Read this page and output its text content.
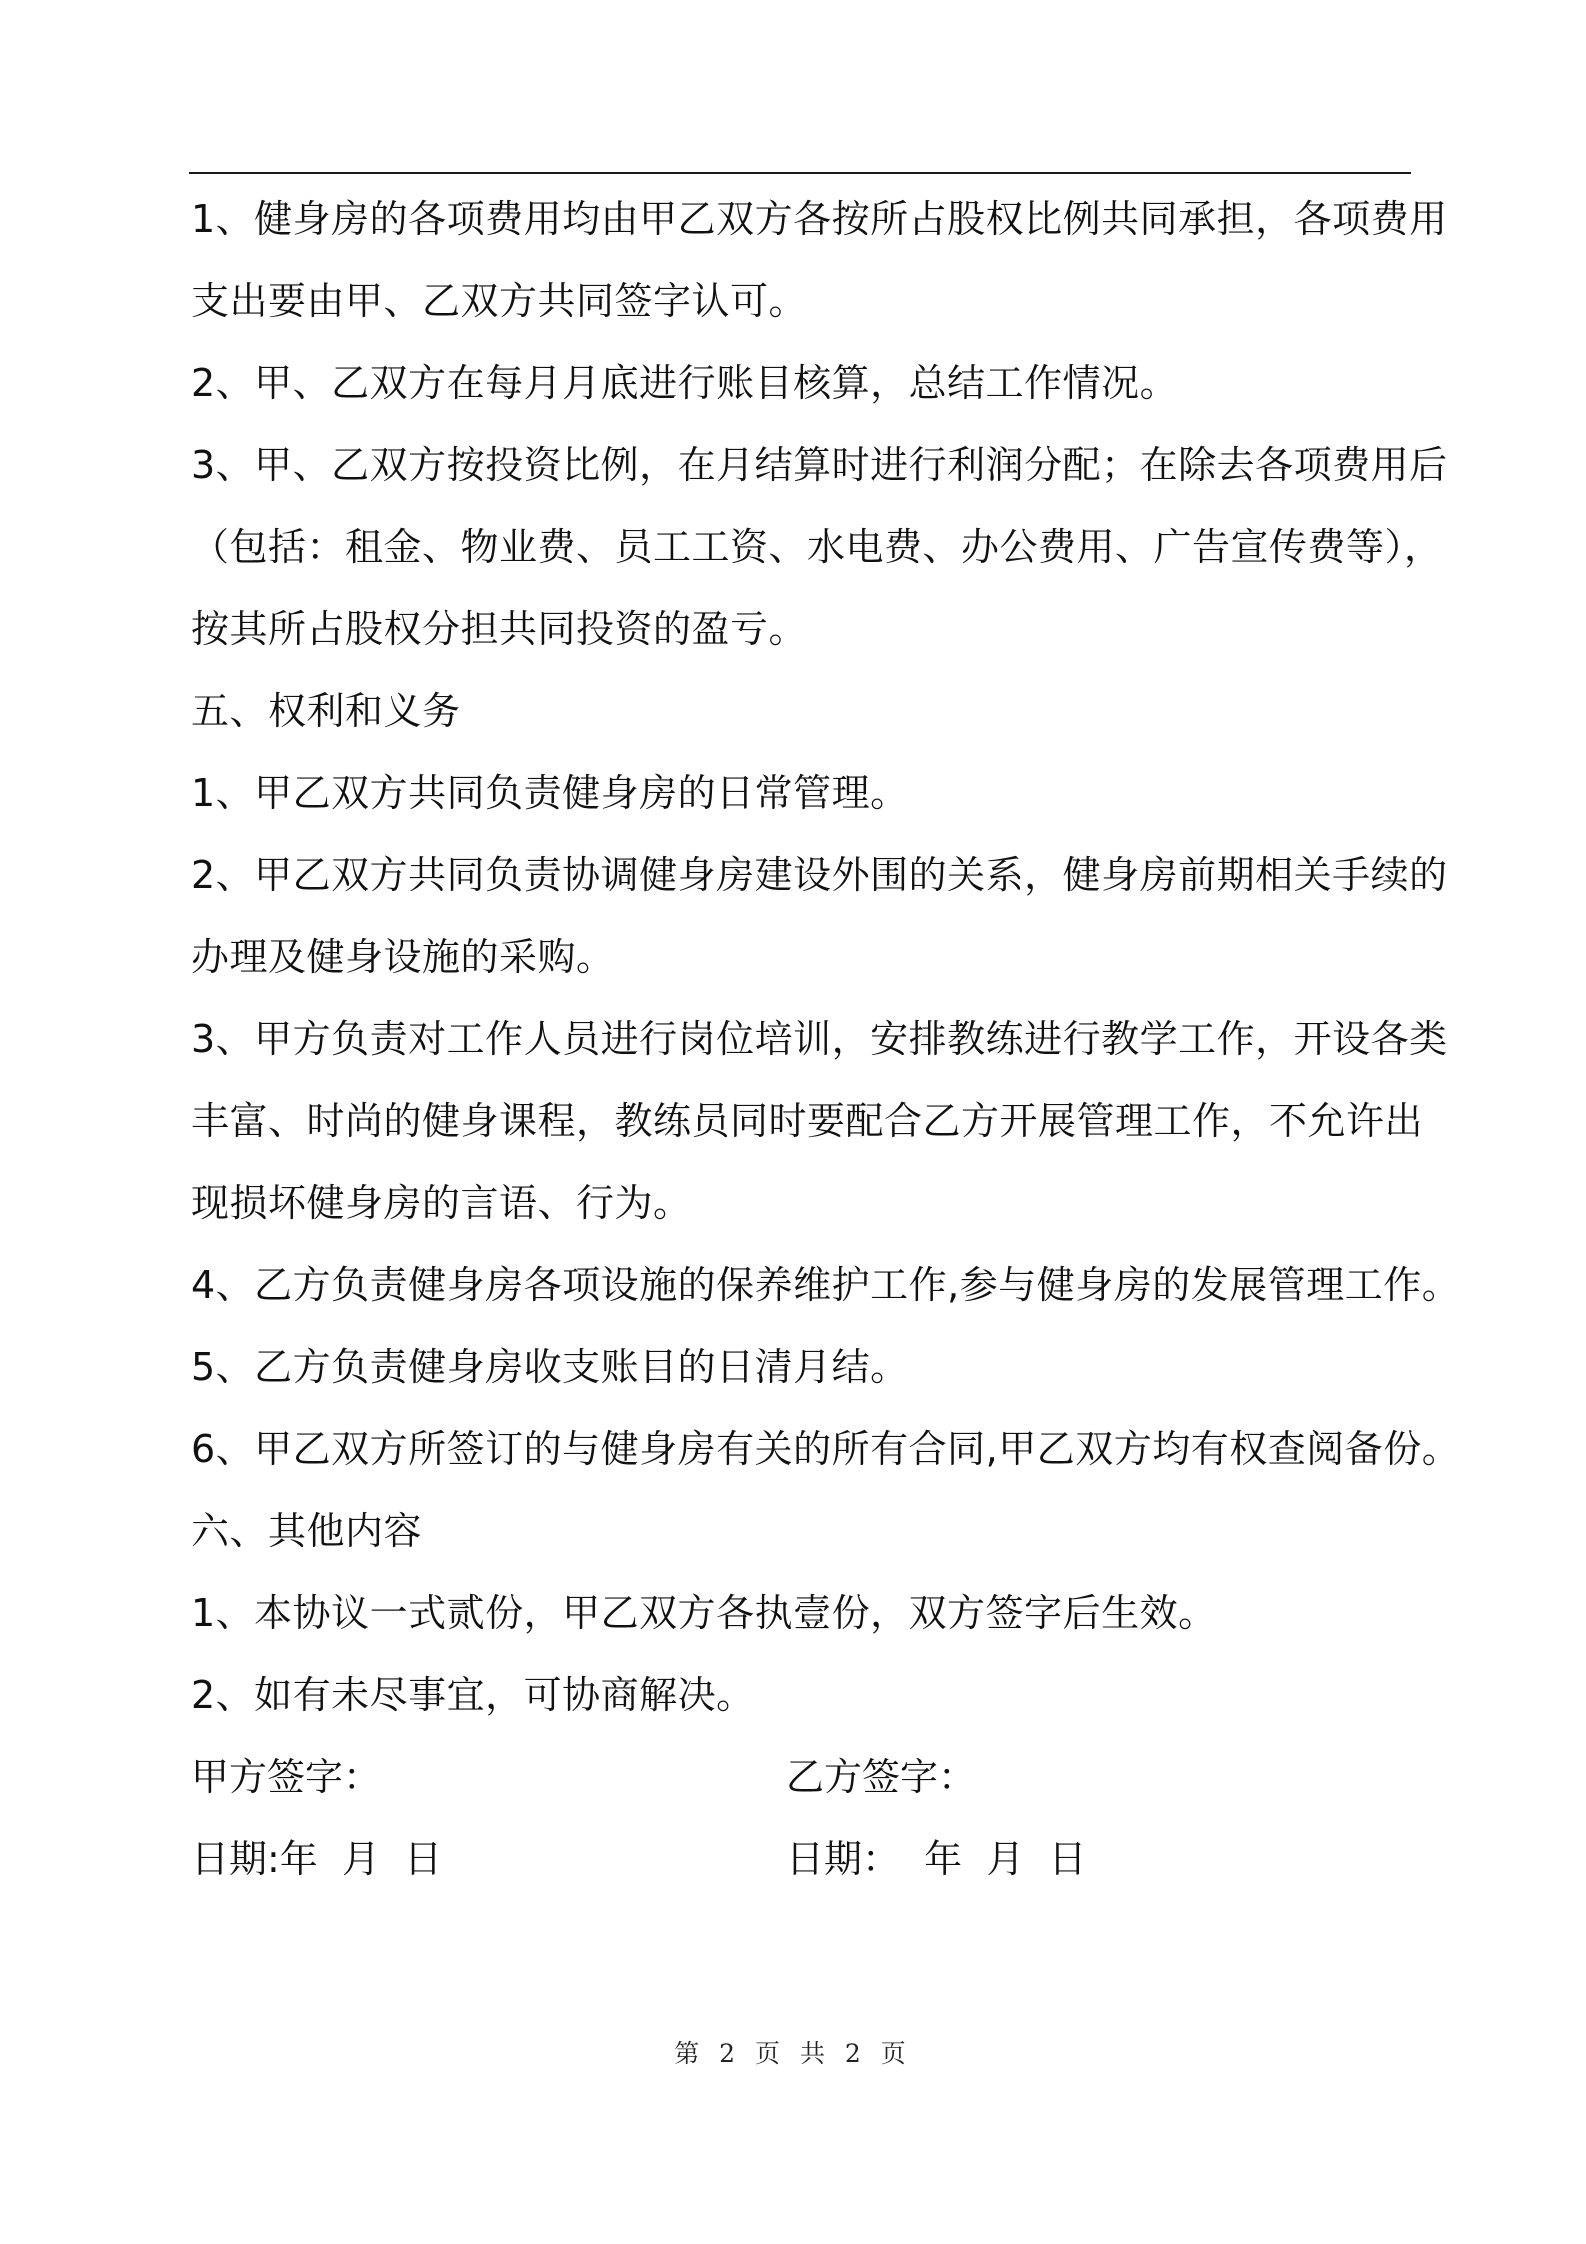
1、健身房的各项费用均由甲乙双方各按所占股权比例共同承担，各项费用
支出要由甲、乙双方共同签字认可。
2、甲、乙双方在每月月底进行账目核算，总结工作情况。
3、甲、乙双方按投资比例，在月结算时进行利润分配；在除去各项费用后
（包括：租金、物业费、员工工资、水电费、办公费用、广告宣传费等），
按其所占股权分担共同投资的盈亏。
五、权利和义务
1、甲乙双方共同负责健身房的日常管理。
2、甲乙双方共同负责协调健身房建设外围的关系，健身房前期相关手续的
办理及健身设施的采购。
3、甲方负责对工作人员进行岗位培训，安排教练进行教学工作，开设各类
丰富、时尚的健身课程，教练员同时要配合乙方开展管理工作，不允许出
现损坏健身房的言语、行为。
4、乙方负责健身房各项设施的保养维护工作,参与健身房的发展管理工作。
5、乙方负责健身房收支账目的日清月结。
6、甲乙双方所签订的与健身房有关的所有合同,甲乙双方均有权查阅备份。
六、其他内容
1、本协议一式贰份，甲乙双方各执壹份，双方签字后生效。
2、如有未尽事宜，可协商解决。
甲方签字：	乙方签字：
日期:年  月  日	日期：  年  月  日
第 2 页 共 2 页
